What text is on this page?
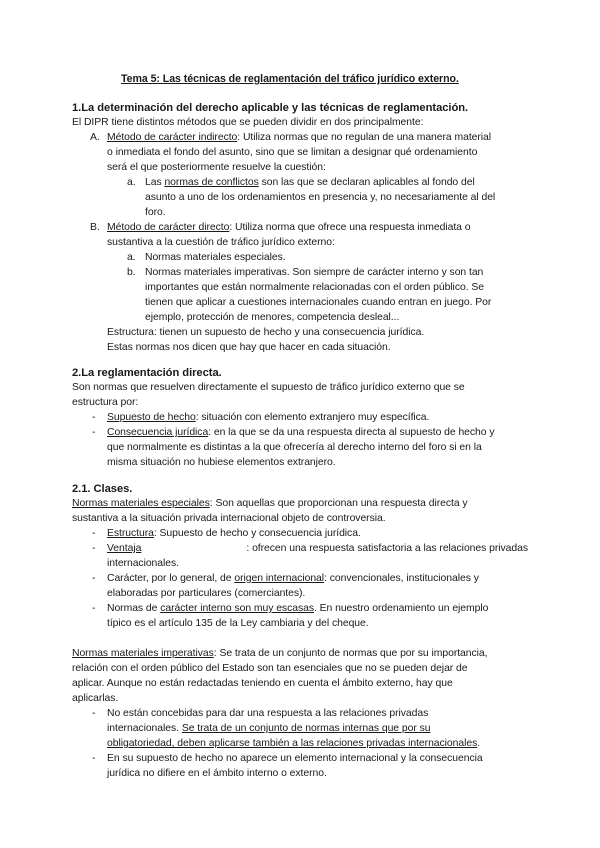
Tema 5: Las técnicas de reglamentación del tráfico jurídico externo.
1.La determinación del derecho aplicable y las técnicas de reglamentación.
El DIPR tiene distintos métodos que se pueden dividir en dos principalmente:
A. Método de carácter indirecto: Utiliza normas que no regulan de una manera material
o inmediata el fondo del asunto, sino que se limitan a designar qué ordenamiento
será el que posteriormente resuelve la cuestión:
a. Las normas de conflictos son las que se declaran aplicables al fondo del
asunto a uno de los ordenamientos en presencia y, no necesariamente al del
foro.
B. Método de carácter directo: Utiliza norma que ofrece una respuesta inmediata o
sustantiva a la cuestión de tráfico jurídico externo:
a. Normas materiales especiales.
b. Normas materiales imperativas. Son siempre de carácter interno y son tan
importantes que están normalmente relacionadas con el orden público. Se
tienen que aplicar a cuestiones internacionales cuando entran en juego. Por
ejemplo, protección de menores, competencia desleal...
Estructura: tienen un supuesto de hecho y una consecuencia jurídica.
Estas normas nos dicen que hay que hacer en cada situación.
2.La reglamentación directa.
Son normas que resuelven directamente el supuesto de tráfico jurídico externo que se
estructura por:
- Supuesto de hecho: situación con elemento extranjero muy específica.
- Consecuencia jurídica: en la que se da una respuesta directa al supuesto de hecho y
que normalmente es distintas a la que ofrecería al derecho interno del foro si en la
misma situación no hubiese elementos extranjero.
2.1. Clases.
Normas materiales especiales: Son aquellas que proporcionan una respuesta directa y
sustantiva a la situación privada internacional objeto de controversia.
- Estructura: Supuesto de hecho y consecuencia jurídica.
- Ventaja	: ofrecen una respuesta satisfactoria a las relaciones privadas
internacionales.
- Carácter, por lo general, de origen internacional: convencionales, institucionales y
elaboradas por particulares (comerciantes).
- Normas de carácter interno son muy escasas. En nuestro ordenamiento un ejemplo
típico es el artículo 135 de la Ley cambiaria y del cheque.
Normas materiales imperativas: Se trata de un conjunto de normas que por su importancia,
relación con el orden público del Estado son tan esenciales que no se pueden dejar de
aplicar. Aunque no están redactadas teniendo en cuenta el ámbito externo, hay que
aplicarlas.
- No están concebidas para dar una respuesta a las relaciones privadas
internacionales. Se trata de un conjunto de normas internas que por su
obligatoriedad, deben aplicarse también a las relaciones privadas internacionales.
- En su supuesto de hecho no aparece un elemento internacional y la consecuencia
jurídica no difiere en el ámbito interno o externo.
